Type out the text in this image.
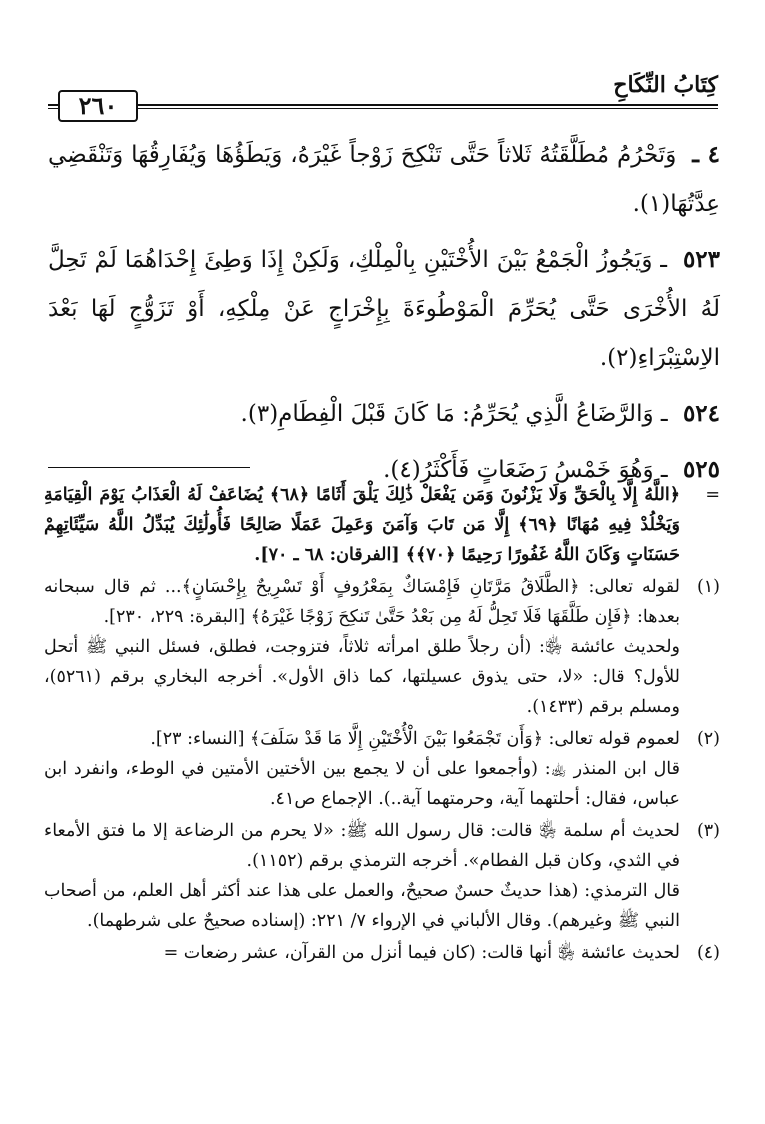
كِتَابُ النِّكَاحِ
٢٦٠

٤ ـ وَتَحْرُمُ مُطَلَّقَتُهُ ثَلاثاً حَتَّى تَنْكِحَ زَوْجاً غَيْرَهُ، وَيَطَؤُهَا وَيُفَارِقُهَا وَتَنْقَضِي عِدَّتُهَا(١).

٥٢٣ ـ وَيَجُوزُ الْجَمْعُ بَيْنَ الأُخْتَيْنِ بِالْمِلْكِ، وَلَكِنْ إِذَا وَطِئَ إِحْدَاهُمَا لَمْ تَحِلَّ لَهُ الأُخْرَى حَتَّى يُحَرِّمَ الْمَوْطُوءَةَ بِإِخْرَاجٍ عَنْ مِلْكِهِ، أَوْ تَزَوُّجٍ لَهَا بَعْدَ الاِسْتِبْرَاءِ(٢).

٥٢٤ ـ وَالرَّضَاعُ الَّذِي يُحَرِّمُ: مَا كَانَ قَبْلَ الْفِطَامِ(٣).

٥٢٥ ـ وَهُوَ خَمْسُ رَضَعَاتٍ فَأَكْثَرُ(٤).

=
﴿اللَّهُ إِلَّا بِالْحَقِّ وَلَا يَزْنُونَ وَمَن يَفْعَلْ ذَٰلِكَ يَلْقَ أَثَامًا ﴿٦٨﴾ يُضَاعَفْ لَهُ الْعَذَابُ يَوْمَ الْقِيَامَةِ وَيَخْلُدْ فِيهِ مُهَانًا ﴿٦٩﴾ إِلَّا مَن تَابَ وَآمَنَ وَعَمِلَ عَمَلًا صَالِحًا فَأُولَٰئِكَ يُبَدِّلُ اللَّهُ سَيِّئَاتِهِمْ حَسَنَاتٍ وَكَانَ اللَّهُ غَفُورًا رَحِيمًا ﴿٧٠﴾﴾ [الفرقان: ٦٨ ـ ٧٠].
(١)

لقوله تعالى: ﴿الطَّلَاقُ مَرَّتَانِ فَإِمْسَاكٌ بِمَعْرُوفٍ أَوْ تَسْرِيحٌ بِإِحْسَانٍ﴾... ثم قال سبحانه بعدها: ﴿فَإِن طَلَّقَهَا فَلَا تَحِلُّ لَهُ مِن بَعْدُ حَتَّىٰ تَنكِحَ زَوْجًا غَيْرَهُ﴾ [البقرة: ٢٢٩، ٢٣٠].

ولحديث عائشة ﵂: (أن رجلاً طلق امرأته ثلاثاً، فتزوجت، فطلق، فسئل النبي ﷺ أتحل للأول؟ قال: «لا، حتى يذوق عسيلتها، كما ذاق الأول». أخرجه البخاري برقم (٥٢٦١)، ومسلم برقم (١٤٣٣).

(٢)

لعموم قوله تعالى: ﴿وَأَن تَجْمَعُوا بَيْنَ الْأُخْتَيْنِ إِلَّا مَا قَدْ سَلَفَ﴾ [النساء: ٢٣].

قال ابن المنذر ﵀: (وأجمعوا على أن لا يجمع بين الأختين الأمتين في الوطء، وانفرد ابن عباس، فقال: أحلتهما آية، وحرمتهما آية..). الإجماع ص٤١.

(٣)

لحديث أم سلمة ﵂ قالت: قال رسول الله ﷺ: «لا يحرم من الرضاعة إلا ما فتق الأمعاء في الثدي، وكان قبل الفطام». أخرجه الترمذي برقم (١١٥٢).

قال الترمذي: (هذا حديثٌ حسنٌ صحيحٌ، والعمل على هذا عند أكثر أهل العلم، من أصحاب النبي ﷺ وغيرهم). وقال الألباني في الإرواء ٧/ ٢٢١: (إسناده صحيحٌ على شرطهما).

(٤)

لحديث عائشة ﵂ أنها قالت: (كان فيما أنزل من القرآن، عشر رضعات =
